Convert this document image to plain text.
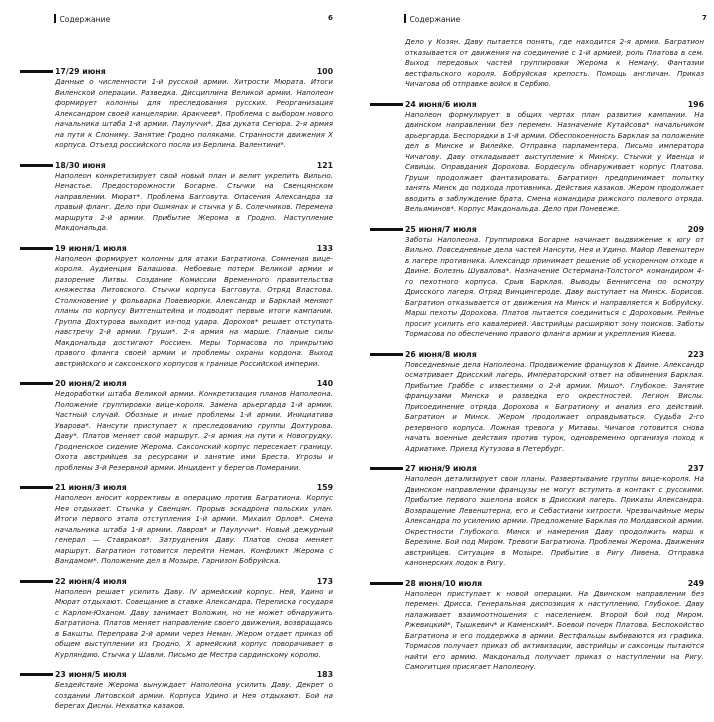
Содержание	6
17/29 июня	100

Данные о численности 1-й русской армии. Хитрости Мюрата. Итоги Виленской операции. Разведка. Дисциплина Великой армии. Наполеон формирует колонны для преследования русских. Реорганизация Александром своей канцелярии. Аракчеев*. Проблема с выбором нового начальника штаба 1-й армии. Паулуччи*. Два дуката Сегюра. 2-я армия на пути к Слониму. Занятие Гродно поляками. Странности движения X корпуса. Отъезд российского посла из Берлина. Валентини*.

18/30 июня	121

Наполеон конкретизирует свой новый план и велит укрепить Вильно. Ненастье. Предосторожности Богарне. Стычки на Свенцянском направлении. Мюрат*. Проблема Багговута. Опасения Александра за правый фланг. Дело при Ошмянах и стычка у Б. Солечников. Перемена маршрута 2-й армии. Прибытие Жерома в Гродно. Наступление Макдональда.

19 июня/1 июля	133

Наполеон формирует колонны для атаки Багратиона. Сомнения вице-короля. Аудиенция Балашова. Небоевые потери Великой армии и разорение Литвы. Создание Комиссии Временного правительства княжества Литовского. Стычки корпуса Багговута. Отряд Властова. Столкновение у фольварка Повевиорки. Александр и Барклай меняют планы по корпусу Витгенштейна и подводят первые итоги кампании. Группа Дохтурова выходит из-под удара. Дорохов* решает отступать навстречу 2-й армии. Груши*. 2-я армия на марше. Главные силы Макдональда достигают Россиен. Меры Тормасова по прикрытию правого фланга своей армии и проблемы охраны кордона. Выход австрийского и саксонского корпусов к границе Российской империи.

20 июня/2 июля	140

Недоработки штаба Великой армии. Конкретизация планов Наполеона. Положение группировки вице-короля. Замена арьергарда 1-й армии. Частный случай. Обозные и иные проблемы 1-й армии. Инициатива Уварова*. Нансути приступает к преследованию группы Дохтурова. Даву*. Платов меняет свой маршрут. 2-я армия на пути к Новогрудку. Гродненское сидение Жерома. Саксонский корпус пересекает границу. Охота австрийцев за ресурсами и занятие ими Бреста. Угрозы и проблемы 3-й Резервной армии. Инцидент у берегов Померании.

21 июня/3 июля	159

Наполеон вносит коррективы в операцию против Багратиона. Корпус Нея отдыхает. Стычка у Свенцян. Прорыв эскадрона польских улан. Итоги первого этапа отступления 1-й армии. Михаил Орлов*. Смена начальника штаба 1-й армии. Лавров* и Паулуччи*. Новый дежурный генерал — Ставраков*. Затруднения Даву. Платов снова меняет маршрут. Багратион готовится перейти Неман. Конфликт Жерома с Вандамом*. Положение дел в Мозыре. Гарнизон Бобруйска.

22 июня/4 июля	173

Наполеон решает усилить Даву. IV армейский корпус. Ней, Удино и Мюрат отдыхают. Совещание в ставке Александра. Переписка государя с Карлом-Юханом. Даву занимает Воложин, но не может обнаружить Багратиона. Платов меняет направление своего движения, возвращаясь в Бакшты. Переправа 2-й армии через Неман. Жером отдает приказ об общем выступлении из Гродно. X армейский корпус поворачивает в Курляндию. Стычка у Шавли. Письмо де Местра сардинскому королю.

23 июня/5 июля	183

Бездействие Жерома вынуждает Наполеона усилить Даву. Декрет о создании Литовской армии. Корпуса Удино и Нея отдыхают. Бой на берегах Дисны. Нехватка казаков.

Содержание	7

Дело у Козян. Даву пытается понять, где находится 2-я армия. Багратион отказывается от движения на соединение с 1-й армией, роль Платова в сем. Выход передовых частей группировки Жерома к Неману. Фантазии вестфальского короля. Бобруйская крепость. Помощь англичан. Приказ Чичагова об отправке войск в Сербию.

24 июня/6 июля	196

Наполеон формулирует в общих чертах план развития кампании. На двинском направлении без перемен. Назначение Кутайсова* начальником арьергарда. Беспорядки в 1-й армии. Обеспокоенность Барклая за положение дел в Минске и Вилейке. Отправка парламентера. Письмо императора Чичагову. Даву откладывает выступление к Минску. Стычки у Ивенца и Сивицы. Оправдания Дорохова. Бордесуль обнаруживает корпус Платова. Груши продолжает фантазировать. Багратион предпринимает попытку занять Минск до подхода противника. Действия казаков. Жером продолжает вводить в заблуждение брата. Смена командира рижского полевого отряда. Вельяминов*. Корпус Макдональда. Дело при Поневеже.

25 июня/7 июля	209

Заботы Наполеона. Группировка Богарне начинает выдвижение к югу от Вильно. Повседневные дела частей Нансути, Нея и Удино. Майор Левенштерн в лагере противника. Александр принимает решение об ускоренном отходе к Двине. Болезнь Шувалова*. Назначение Остермана-Толстого* командиром 4-го пехотного корпуса. Срыв Барклая. Выводы Беннигсена по осмотру Дрисского лагеря. Отряд Винцингероде. Даву выступает на Минск. Борисов. Багратион отказывается от движения на Минск и направляется к Бобруйску. Марш пехоты Дорохова. Платов пытается соединиться с Дороховым. Рейнье просит усилить его кавалерией. Австрийцы расширяют зону поисков. Заботы Тормасова по обеспечению правого фланга армии и укрепления Киева.

26 июня/8 июля	223

Повседневные дела Наполеона. Продвижение французов к Двине. Александр осматривает Дрисский лагерь. Императорский ответ на обвинения Барклая. Прибытие Граббе с известиями о 2-й армии. Мишо*. Глубокое. Занятие французами Минска и разведка его окрестностей. Легион Вислы. Присоединение отряда Дорохова к Багратиону и анализ его действий. Багратион и Минск. Жером продолжает оправдываться. Судьба 2-го резервного корпуса. Ложная тревога у Митавы. Чичагов готовится снова начать военные действия против турок, одновременно организуя поход к Адриатике. Приезд Кутузова в Петербург.

27 июня/9 июля	237

Наполеон детализирует свои планы. Развертывание группы вице-короля. На Двинском направлении французы не могут вступить в контакт с русскими. Прибытие первого эшелона войск в Дрисский лагерь. Приказы Александра. Возвращение Левенштерна, его и Себастиани хитрости. Чрезвычайные меры Александра по усилению армии. Предложение Барклая по Молдавской армии. Окрестности Глубокого. Минск и намерения Даву продолжить марш к Березине. Бой под Миром. Тревоги Багратиона. Проблемы Жерома. Движения австрийцев. Ситуация в Мозыре. Прибытие в Ригу Ливена. Отправка канонерских лодок в Ригу.

28 июня/10 июля	249

Наполеон приступает к новой операции. На Двинском направлении без перемен. Дрисса. Генеральная диспозиция к наступлению. Глубокое. Даву налаживает взаимоотношения с населением. Второй бой под Миром. Ржевицкий*, Тышкевич* и Каменский*. Боевой почерк Платова. Беспокойство Багратиона и его поддержка в армии. Вестфальцы выбиваются из графика. Тормасов получает приказ об активизации, австрийцы и саксонцы пытаются найти его армию. Макдональд получает приказ о наступлении на Ригу. Самогитция присягает Наполеону.
